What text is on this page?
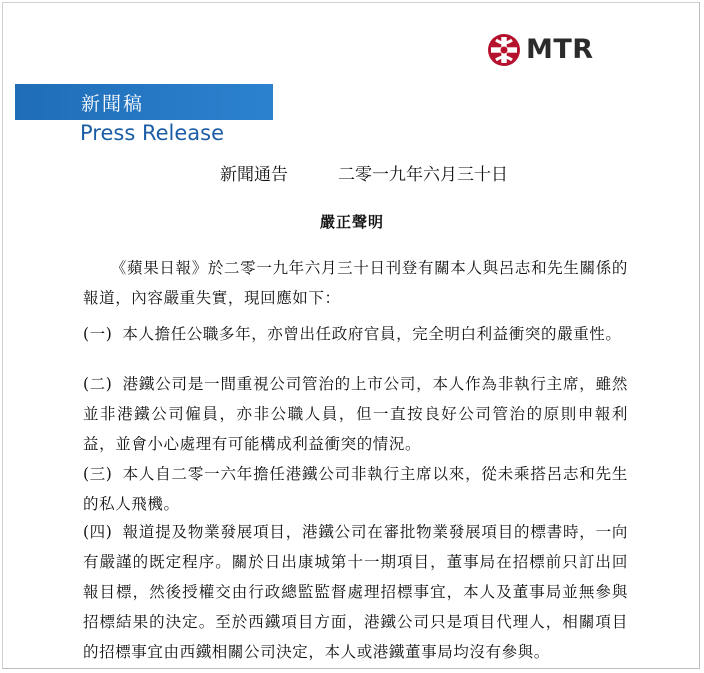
MTR
新聞稿
Press Release
新聞通告	二零一九年六月三十日
嚴正聲明
《蘋果日報》於二零一九年六月三十日刊登有關本人與呂志和先生關係的報道，內容嚴重失實，現回應如下：
(一) 本人擔任公職多年，亦曾出任政府官員，完全明白利益衝突的嚴重性。
(二) 港鐵公司是一間重視公司管治的上市公司，本人作為非執行主席，雖然並非港鐵公司僱員，亦非公職人員，但一直按良好公司管治的原則申報利益，並會小心處理有可能構成利益衝突的情況。
(三) 本人自二零一六年擔任港鐵公司非執行主席以來，從未乘搭呂志和先生的私人飛機。
(四) 報道提及物業發展項目，港鐵公司在審批物業發展項目的標書時，一向有嚴謹的既定程序。關於日出康城第十一期項目，董事局在招標前只訂出回報目標，然後授權交由行政總監監督處理招標事宜，本人及董事局並無參與招標結果的決定。至於西鐵項目方面，港鐵公司只是項目代理人，相關項目的招標事宜由西鐵相關公司決定，本人或港鐵董事局均沒有參與。
